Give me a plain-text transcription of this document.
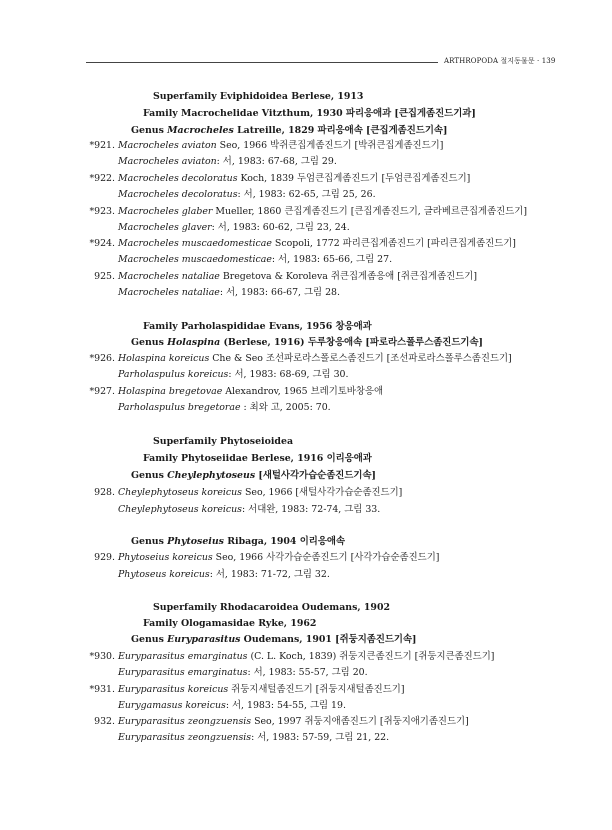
ARTHROPODA 절지동물문 · 139
Superfamily Eviphidoidea Berlese, 1913
Family Macrochelidae Vitzthum, 1930 파리응애과 [큰집게좀진드기과]
Genus Macrocheles Latreille, 1829 파리응애속 [큰집게좀진드기속]
*921. Macrocheles aviaton Seo, 1966 박쥐큰집게좀진드기 [박쥐큰집게좀진드기]
Macrocheles aviaton: 서, 1983: 67-68, 그림 29.
*922. Macrocheles decoloratus Koch, 1839 두엄큰집게좀진드기 [두엄큰집게좀진드기]
Macrocheles decoloratus: 서, 1983: 62-65, 그림 25, 26.
*923. Macrocheles glaber Mueller, 1860 큰집게좀진드기 [큰집게좀진드기, 글라베르큰집게좀진드기]
Macrocheles glaver: 서, 1983: 60-62, 그림 23, 24.
*924. Macrocheles muscaedomesticae Scopoli, 1772 파리큰집게좀진드기 [파리큰집게좀진드기]
Macrocheles muscaedomesticae: 서, 1983: 65-66, 그림 27.
925. Macrocheles nataliae Bregetova & Koroleva 쥐큰집게좀응애 [쥐큰집게좀진드기]
Macrocheles nataliae: 서, 1983: 66-67, 그림 28.
Family Parholaspididae Evans, 1956 창응애과
Genus Holaspina (Berlese, 1916) 두루창응애속 [파로라스폴루스좀진드기속]
*926. Holaspina koreicus Che & Seo 조선파로라스폴로스좀진드기 [조선파로라스폴루스좀진드기]
Parholaspulus koreicus: 서, 1983: 68-69, 그림 30.
*927. Holaspina bregetovae Alexandrov, 1965 브레기토바창응애
Parholaspulus bregetorae : 최와 고, 2005: 70.
Superfamily Phytoseioidea
Family Phytoseiidae Berlese, 1916 이리응애과
Genus Cheylephytoseus [새털사각가습순좀진드기속]
928. Cheylephytoseus koreicus Seo, 1966 [새털사각가습순좀진드기]
Cheylephytoseus koreicus: 서대완, 1983: 72-74, 그림 33.
Genus Phytoseius Ribaga, 1904 이리응애속
929. Phytoseius koreicus Seo, 1966 사각가습순좀진드기 [사각가습순좀진드기]
Phytoseus koreicus: 서, 1983: 71-72, 그림 32.
Superfamily Rhodacaroidea Oudemans, 1902
Family Ologamasidae Ryke, 1962
Genus Euryparasitus Oudemans, 1901 [쥐둥지좀진드기속]
*930. Euryparasitus emarginatus (C. L. Koch, 1839) 쥐둥지큰좀진드기 [쥐둥지큰좀진드기]
Euryparasitus emarginatus: 서, 1983: 55-57, 그림 20.
*931. Euryparasitus koreicus 쥐둥지새털좀진드기 [쥐둥지새털좀진드기]
Eurygamasus koreicus: 서, 1983: 54-55, 그림 19.
932. Euryparasitus zeongzuensis Seo, 1997 쥐둥지애좀진드기 [쥐둥지애기좀진드기]
Euryparasitus zeongzuensis: 서, 1983: 57-59, 그림 21, 22.
